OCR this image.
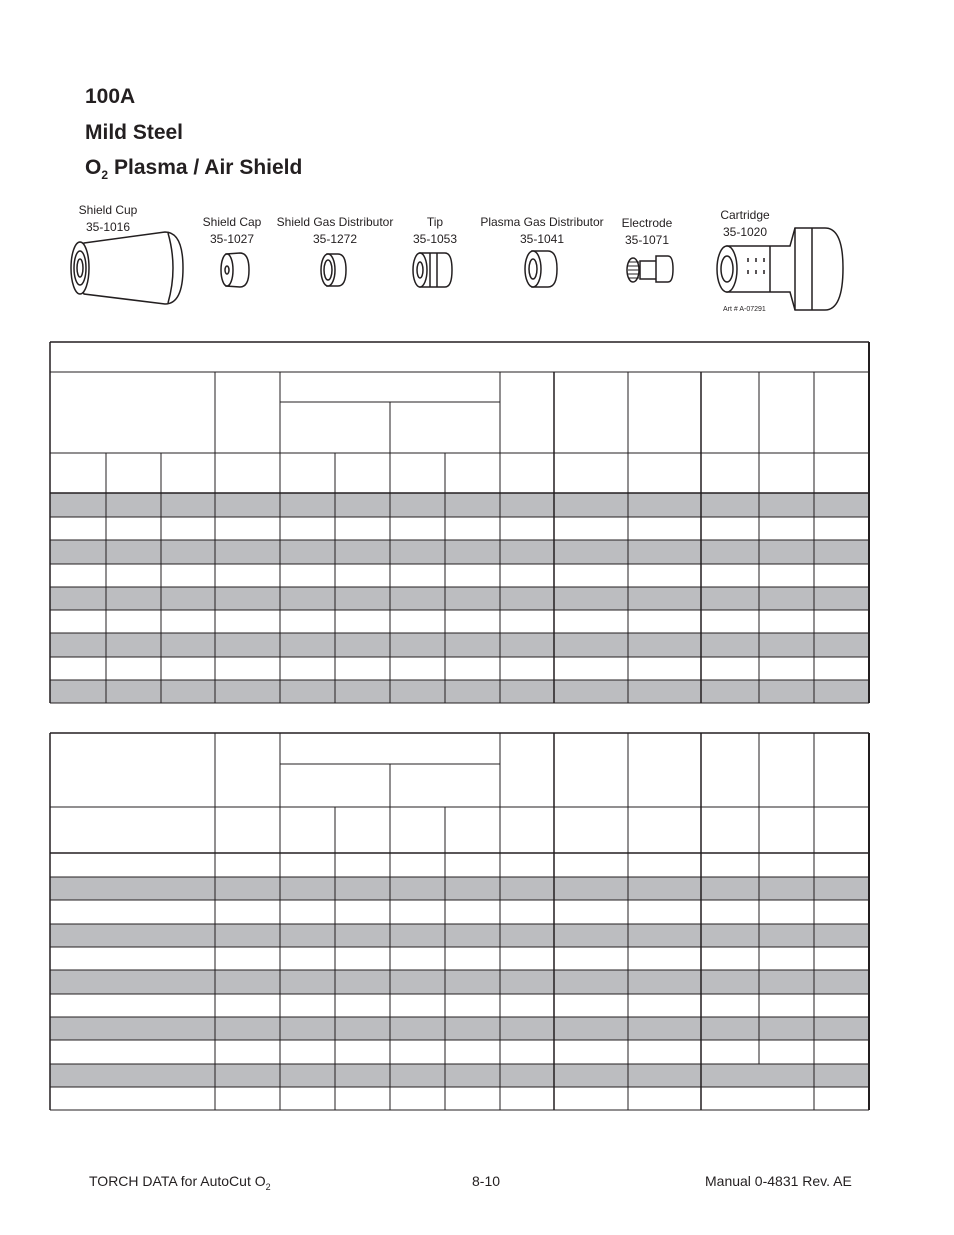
100A
Mild Steel
$O_2$ Plasma / Air Shield
Shield Cup
35-1016	Shield Cap
35-1027
Shield Gas Distributor
35-1272
Tip
35-1053
Plasma Gas Distributor
35-1041
Electrode
35-1071
Cartridge
35-1020
Art # A-07291
TORCH DATA for AutoCut $O_2$	8-10	Manual 0-4831 Rev. AE
